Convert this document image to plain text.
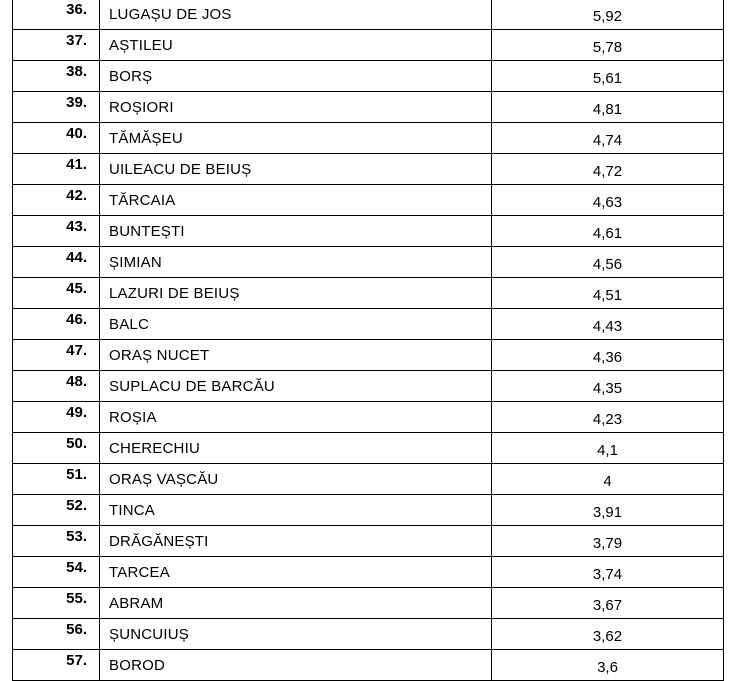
36.	LUGAȘU DE JOS	5,92
37.	AȘTILEU	5,78
38.	BORȘ	5,61
39.	ROȘIORI	4,81
40.	TĂMĂȘEU	4,74
41.	UILEACU DE BEIUȘ	4,72
42.	TĂRCAIA	4,63
43.	BUNTEȘTI	4,61
44.	ȘIMIAN	4,56
45.	LAZURI DE BEIUȘ	4,51
46.	BALC	4,43
47.	ORAȘ NUCET	4,36
48.	SUPLACU DE BARCĂU	4,35
49.	ROȘIA	4,23
50.	CHERECHIU	4,1
51.	ORAȘ VAȘCĂU	4
52.	TINCA	3,91
53.	DRĂGĂNEȘTI	3,79
54.	TARCEA	3,74
55.	ABRAM	3,67
56.	ȘUNCUIUȘ	3,62
57.	BOROD	3,6
